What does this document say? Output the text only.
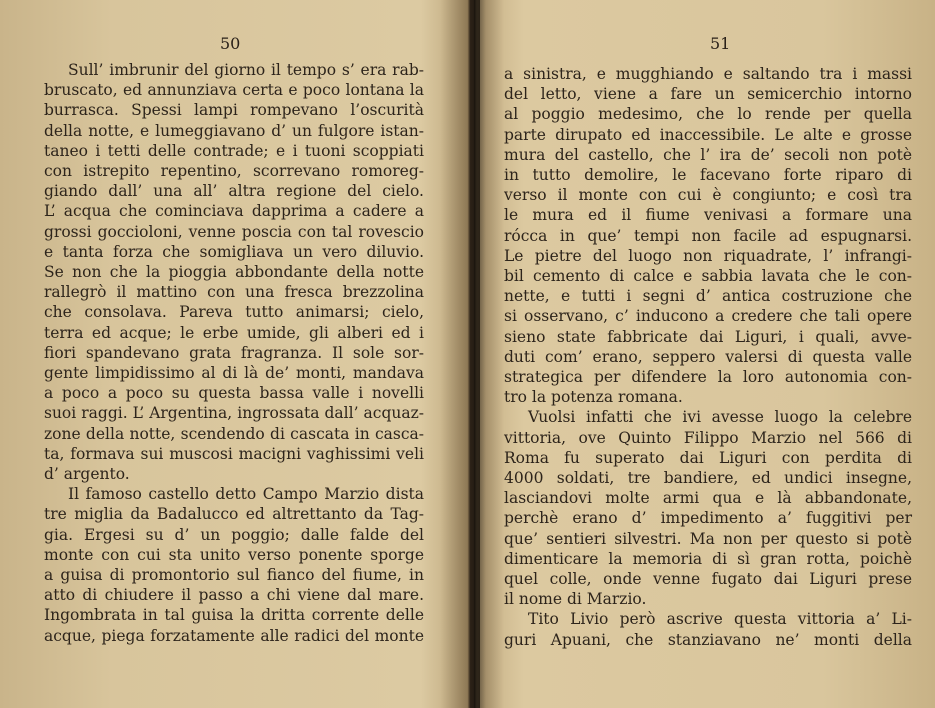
50
Sull’ imbrunir del giorno il tempo s’ era rab-
bruscato, ed annunziava certa e poco lontana la
burrasca. Spessi lampi rompevano l’oscurità
della notte, e lumeggiavano d’ un fulgore istan-
taneo i tetti delle contrade; e i tuoni scoppiati
con istrepito repentino, scorrevano romoreg-
giando dall’ una all’ altra regione del cielo.
L’ acqua che cominciava dapprima a cadere a
grossi goccioloni, venne poscia con tal rovescio
e tanta forza che somigliava un vero diluvio.
Se non che la pioggia abbondante della notte
rallegrò il mattino con una fresca brezzolina
che consolava. Pareva tutto animarsi; cielo,
terra ed acque; le erbe umide, gli alberi ed i
fiori spandevano grata fragranza. Il sole sor-
gente limpidissimo al di là de’ monti, mandava
a poco a poco su questa bassa valle i novelli
suoi raggi. L’ Argentina, ingrossata dall’ acquaz-
zone della notte, scendendo di cascata in casca-
ta, formava sui muscosi macigni vaghissimi veli
d’ argento.
Il famoso castello detto Campo Marzio dista
tre miglia da Badalucco ed altrettanto da Tag-
gia. Ergesi su d’ un poggio; dalle falde del
monte con cui sta unito verso ponente sporge
a guisa di promontorio sul fianco del fiume, in
atto di chiudere il passo a chi viene dal mare.
Ingombrata in tal guisa la dritta corrente delle
acque, piega forzatamente alle radici del monte
51
a sinistra, e mugghiando e saltando tra i massi
del letto, viene a fare un semicerchio intorno
al poggio medesimo, che lo rende per quella
parte dirupato ed inaccessibile. Le alte e grosse
mura del castello, che l’ ira de’ secoli non potè
in tutto demolire, le facevano forte riparo di
verso il monte con cui è congiunto; e così tra
le mura ed il fiume venivasi a formare una
rócca in que’ tempi non facile ad espugnarsi.
Le pietre del luogo non riquadrate, l’ infrangi-
bil cemento di calce e sabbia lavata che le con-
nette, e tutti i segni d’ antica costruzione che
si osservano, c’ inducono a credere che tali opere
sieno state fabbricate dai Liguri, i quali, avve-
duti com’ erano, seppero valersi di questa valle
strategica per difendere la loro autonomia con-
tro la potenza romana.
Vuolsi infatti che ivi avesse luogo la celebre
vittoria, ove Quinto Filippo Marzio nel 566 di
Roma fu superato dai Liguri con perdita di
4000 soldati, tre bandiere, ed undici insegne,
lasciandovi molte armi qua e là abbandonate,
perchè erano d’ impedimento a’ fuggitivi per
que’ sentieri silvestri. Ma non per questo si potè
dimenticare la memoria di sì gran rotta, poichè
quel colle, onde venne fugato dai Liguri prese
il nome di Marzio.
Tito Livio però ascrive questa vittoria a’ Li-
guri Apuani, che stanziavano ne’ monti della
